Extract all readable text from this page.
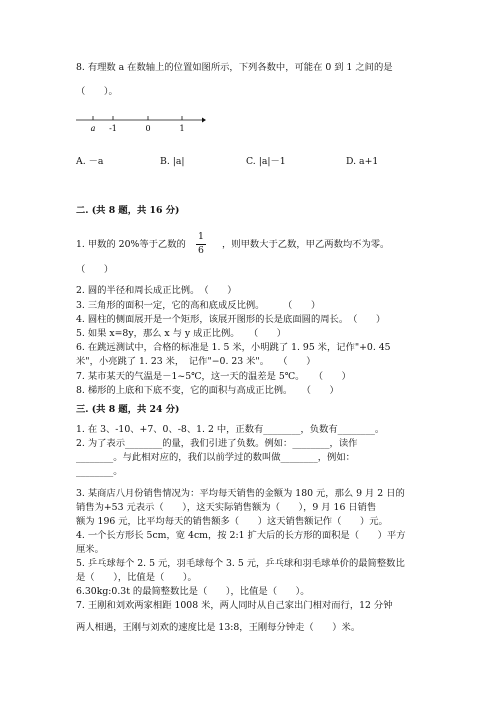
8. 有理数 a 在数轴上的位置如图所示，下列各数中，可能在 0 到 1 之间的是
（　　）。
a -1	0	1
A. －a	B. |a|	C. |a|－1	D. a+1
二. (共 8 题，共 16 分)
1. 甲数的 20%等于乙数的
1
6
，则甲数大于乙数，甲乙两数均不为零。
（　　）
2. 圆的半径和周长成正比例。　（　　）
3. 三角形的面积一定，它的高和底成反比例。　　　（　　）
4. 圆柱的侧面展开是一个矩形，该展开图形的长是底面圆的周长。　（　　）
5. 如果 x=8y，那么 x 与 y 成正比例。　　（　　）
6. 在跳远测试中，合格的标准是 1. 5 米，小明跳了 1. 95 米，记作"+0. 45
米"，小亮跳了 1. 23 米，　记作"−0. 23 米"。　　（　　）
7. 某市某天的气温是－1~5℃，这一天的温差是 5℃。　　（　　）
8. 梯形的上底和下底不变，它的面积与高成正比例。　　（　　）
三. (共 8 题，共 24 分)
1. 在 3、-10、+7、0、-8、1. 2 中，正数有________，负数有________。
2. 为了表示________的量，我们引进了负数。例如：________，读作
________。与此相对应的，我们以前学过的数叫做________，例如：
________。
3. 某商店八月份销售情况为：平均每天销售的金额为 180 元，那么 9 月 2 日的
销售为+53 元表示（　　），这天实际销售额为（　　），9 月 16 日销售
额为 196 元，比平均每天的销售额多（　　）这天销售额记作（　　）元。
4. 一个长方形长 5cm，宽 4cm，按 2:1 扩大后的长方形的面积是（　　）平方
厘米。
5. 乒乓球每个 2. 5 元，羽毛球每个 3. 5 元，乒乓球和羽毛球单价的最简整数比
是（　　），比值是（　　）。
6.30kg:0.3t 的最简整数比是（　　），比值是（　　）。
7. 王刚和刘欢两家相距 1008 米，两人同时从自己家出门相对而行，12 分钟
两人相遇，王刚与刘欢的速度比是 13:8，王刚每分钟走（　　）米。
